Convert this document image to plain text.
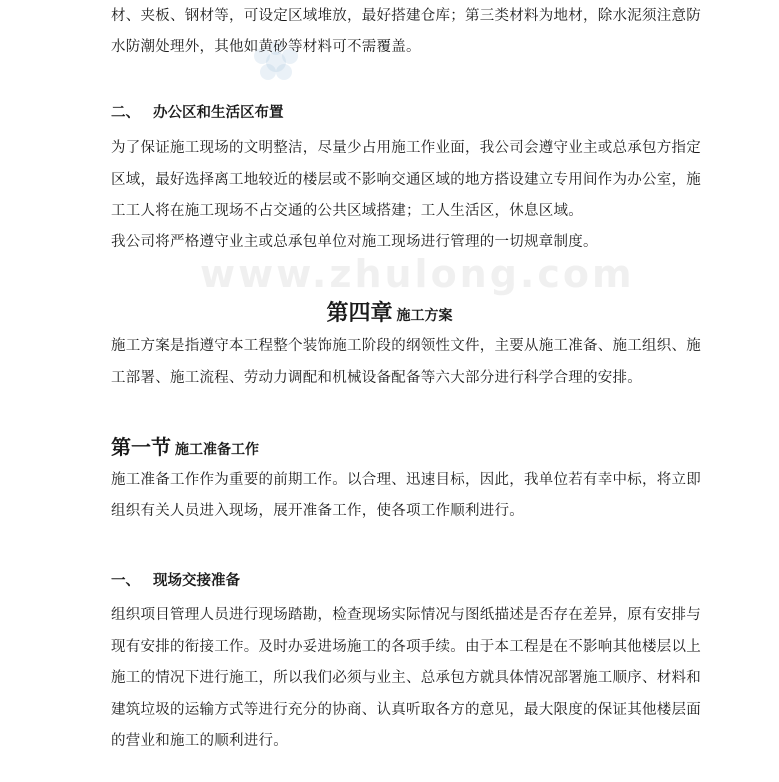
www.zhulong.com
材、夹板、钢材等，可设定区域堆放，最好搭建仓库；第三类材料为地材，除水泥须注意防
水防潮处理外，其他如黄砂等材料可不需覆盖。
二、 办公区和生活区布置
为了保证施工现场的文明整洁，尽量少占用施工作业面，我公司会遵守业主或总承包方指定
区域，最好选择离工地较近的楼层或不影响交通区域的地方搭设建立专用间作为办公室，施
工工人将在施工现场不占交通的公共区域搭建；工人生活区，休息区域。
我公司将严格遵守业主或总承包单位对施工现场进行管理的一切规章制度。
第四章 施工方案
施工方案是指遵守本工程整个装饰施工阶段的纲领性文件，主要从施工准备、施工组织、施
工部署、施工流程、劳动力调配和机械设备配备等六大部分进行科学合理的安排。
第一节 施工准备工作
施工准备工作作为重要的前期工作。以合理、迅速目标，因此，我单位若有幸中标，将立即
组织有关人员进入现场，展开准备工作，使各项工作顺利进行。
一、 现场交接准备
组织项目管理人员进行现场踏勘，检查现场实际情况与图纸描述是否存在差异，原有安排与
现有安排的衔接工作。及时办妥进场施工的各项手续。由于本工程是在不影响其他楼层以上
施工的情况下进行施工，所以我们必须与业主、总承包方就具体情况部署施工顺序、材料和
建筑垃圾的运输方式等进行充分的协商、认真听取各方的意见，最大限度的保证其他楼层面
的营业和施工的顺利进行。
